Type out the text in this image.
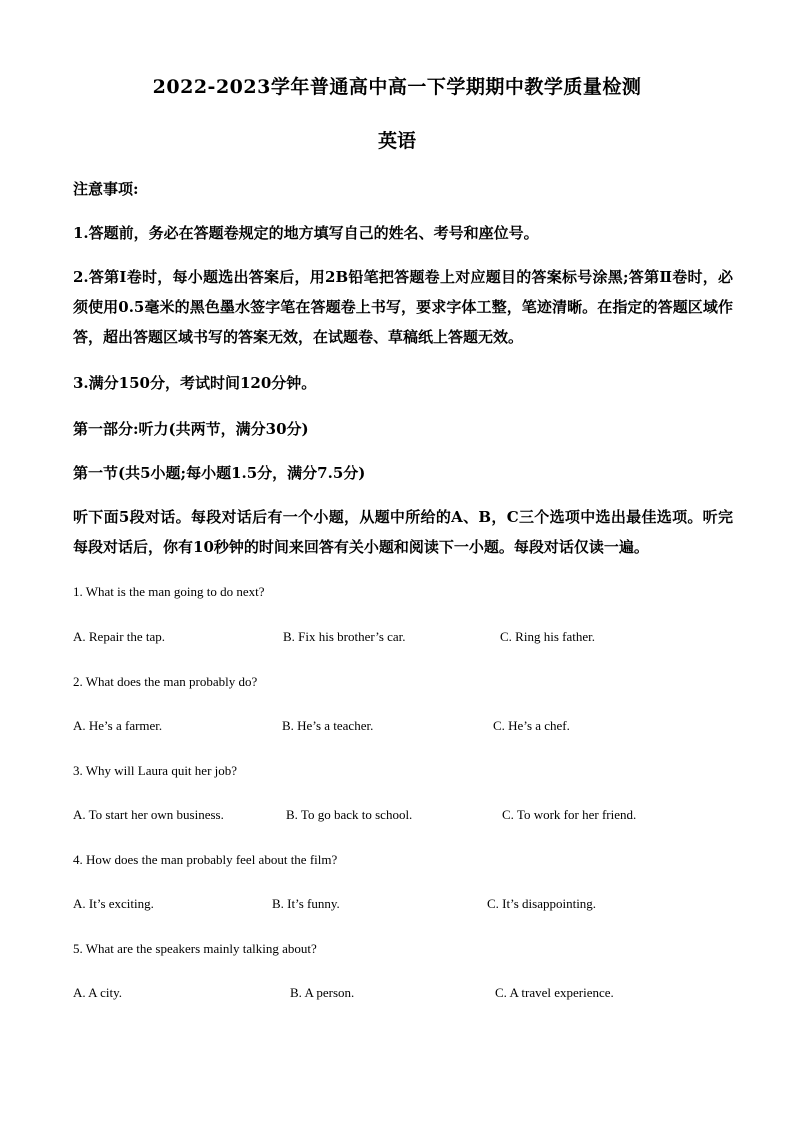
2022-2023学年普通高中高一下学期期中教学质量检测
英语
注意事项:
1.答题前，务必在答题卷规定的地方填写自己的姓名、考号和座位号。
2.答第Ⅰ卷时，每小题选出答案后，用2B铅笔把答题卷上对应题目的答案标号涂黑;答第Ⅱ卷时，必须使用0.5毫米的黑色墨水签字笔在答题卷上书写，要求字体工整，笔迹清晰。在指定的答题区域作答，超出答题区域书写的答案无效，在试题卷、草稿纸上答题无效。
3.满分150分，考试时间120分钟。
第一部分:听力(共两节，满分30分)
第一节(共5小题;每小题1.5分，满分7.5分)
听下面5段对话。每段对话后有一个小题，从题中所给的A、B，C三个选项中选出最佳选项。听完每段对话后，你有10秒钟的时间来回答有关小题和阅读下一小题。每段对话仅读一遍。
1. What is the man going to do next?
A. Repair the tap.	B. Fix his brother’s car.	C. Ring his father.
2. What does the man probably do?
A. He’s a farmer.	B. He’s a teacher.	C. He’s a chef.
3. Why will Laura quit her job?
A. To start her own business.	B. To go back to school.	C. To work for her friend.
4. How does the man probably feel about the film?
A. It’s exciting.	B. It’s funny.	C. It’s disappointing.
5. What are the speakers mainly talking about?
A. A city.	B. A person.	C. A travel experience.
